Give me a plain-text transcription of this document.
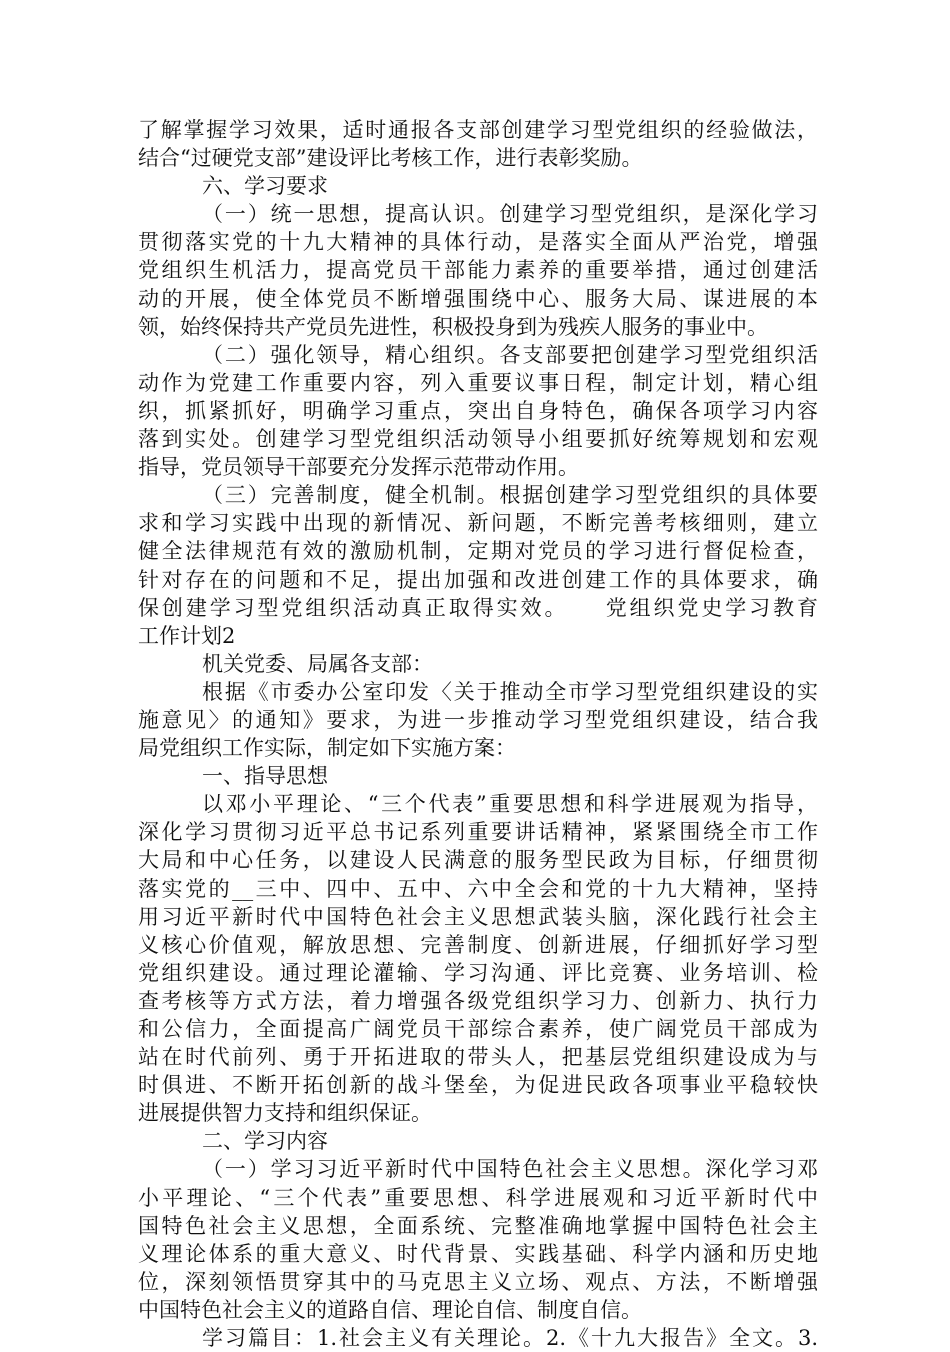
了解掌握学习效果，适时通报各支部创建学习型党组织的经验做法，
结合“过硬党支部”建设评比考核工作，进行表彰奖励。
六、学习要求
（一）统一思想，提高认识。创建学习型党组织，是深化学习
贯彻落实党的十九大精神的具体行动，是落实全面从严治党，增强
党组织生机活力，提高党员干部能力素养的重要举措，通过创建活
动的开展，使全体党员不断增强围绕中心、服务大局、谋进展的本
领，始终保持共产党员先进性，积极投身到为残疾人服务的事业中。
（二）强化领导，精心组织。各支部要把创建学习型党组织活
动作为党建工作重要内容，列入重要议事日程，制定计划，精心组
织，抓紧抓好，明确学习重点，突出自身特色，确保各项学习内容
落到实处。创建学习型党组织活动领导小组要抓好统筹规划和宏观
指导，党员领导干部要充分发挥示范带动作用。
（三）完善制度，健全机制。根据创建学习型党组织的具体要
求和学习实践中出现的新情况、新问题，不断完善考核细则，建立
健全法律规范有效的激励机制，定期对党员的学习进行督促检查，
针对存在的问题和不足，提出加强和改进创建工作的具体要求，确
保创建学习型党组织活动真正取得实效。　　党组织党史学习教育
工作计划2
机关党委、局属各支部：
根据《市委办公室印发〈关于推动全市学习型党组织建设的实
施意见〉的通知》要求，为进一步推动学习型党组织建设，结合我
局党组织工作实际，制定如下实施方案：
一、指导思想
以邓小平理论、“三个代表”重要思想和科学进展观为指导，
深化学习贯彻习近平总书记系列重要讲话精神，紧紧围绕全市工作
大局和中心任务，以建设人民满意的服务型民政为目标，仔细贯彻
落实党的__三中、四中、五中、六中全会和党的十九大精神，坚持
用习近平新时代中国特色社会主义思想武装头脑，深化践行社会主
义核心价值观，解放思想、完善制度、创新进展，仔细抓好学习型
党组织建设。通过理论灌输、学习沟通、评比竞赛、业务培训、检
查考核等方式方法，着力增强各级党组织学习力、创新力、执行力
和公信力，全面提高广阔党员干部综合素养，使广阔党员干部成为
站在时代前列、勇于开拓进取的带头人，把基层党组织建设成为与
时俱进、不断开拓创新的战斗堡垒，为促进民政各项事业平稳较快
进展提供智力支持和组织保证。
二、学习内容
（一）学习习近平新时代中国特色社会主义思想。深化学习邓
小平理论、“三个代表”重要思想、科学进展观和习近平新时代中
国特色社会主义思想，全面系统、完整准确地掌握中国特色社会主
义理论体系的重大意义、时代背景、实践基础、科学内涵和历史地
位，深刻领悟贯穿其中的马克思主义立场、观点、方法，不断增强
中国特色社会主义的道路自信、理论自信、制度自信。
学习篇目：1.社会主义有关理论。2.《十九大报告》全文。3.
